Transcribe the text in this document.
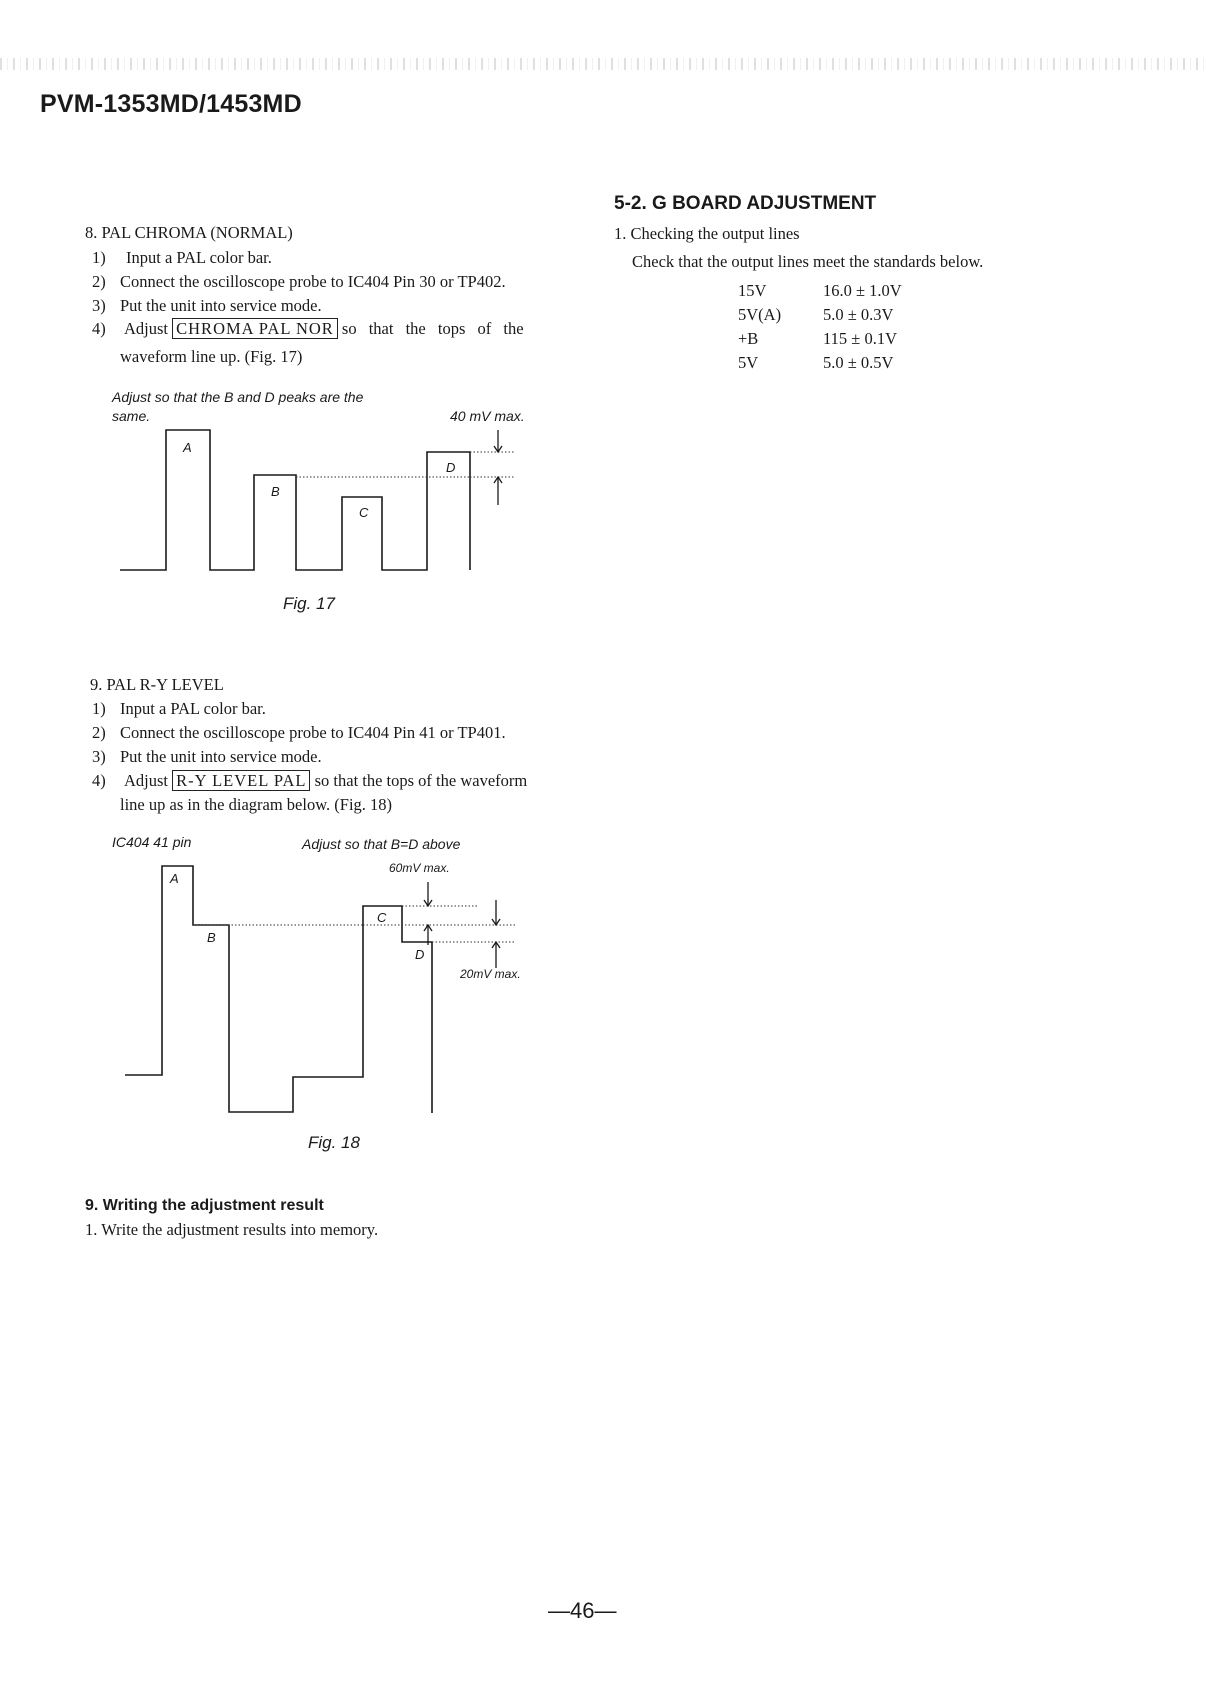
PVM-1353MD/1453MD
8. PAL CHROMA (NORMAL)
1) Input a PAL color bar.
2) Connect the oscilloscope probe to IC404 Pin 30 or TP402.
3) Put the unit into service mode.
4) Adjust CHROMA PAL NOR so that the tops of the
waveform line up. (Fig. 17)
Adjust so that the B and D peaks are the
same.	40 mV max.
A
B
C
D
Fig. 17
9. PAL R-Y LEVEL
1) Input a PAL color bar.
2) Connect the oscilloscope probe to IC404 Pin 41 or TP401.
3) Put the unit into service mode.
4) Adjust R-Y LEVEL PAL so that the tops of the waveform
line up as in the diagram below. (Fig. 18)
IC404 41 pin	Adjust so that B=D above
60mV max.
20mV max.
A
B
C
D
Fig. 18
9. Writing the adjustment result
1. Write the adjustment results into memory.
5-2. G BOARD ADJUSTMENT
1. Checking the output lines
Check that the output lines meet the standards below.
15V	16.0 ± 1.0V
5V(A)	5.0 ± 0.3V
+B	115 ± 0.1V
5V	5.0 ± 0.5V
—46—
